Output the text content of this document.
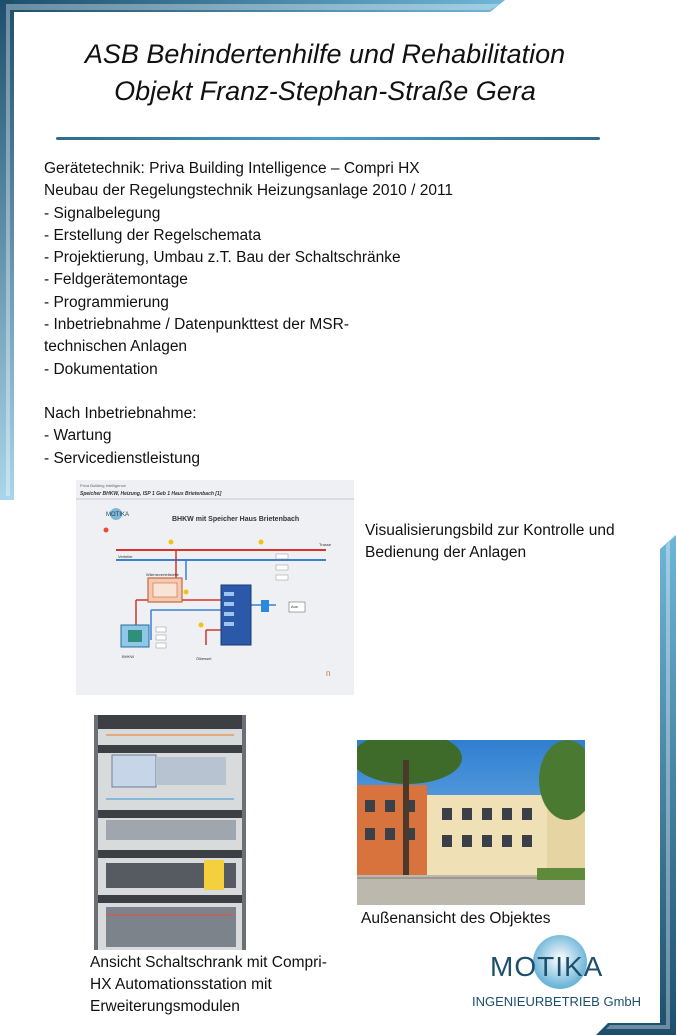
ASB Behindertenhilfe und Rehabilitation
Objekt Franz-Stephan-Straße Gera
Gerätetechnik: Priva Building Intelligence – Compri HX
Neubau der Regelungstechnik Heizungsanlage 2010 / 2011
- Signalbelegung
- Erstellung der Regelschemata
- Projektierung, Umbau z.T. Bau der Schaltschränke
- Feldgerätemontage
- Programmierung
- Inbetriebnahme / Datenpunkttest der MSR-
technischen Anlagen
- Dokumentation
Nach Inbetriebnahme:
- Wartung
- Servicedienstleistung
Priva Building Intelligence
Speicher BHKW, Heizung, ISP 1 Geb 1 Haus Brietenbach [1]
MOTIKA
BHKW mit Speicher Haus Brietenbach
Verteiler
Trasse
Wärmeverteilstelle
Aus
BHKW	Ölkessel
п
Visualisierungsbild zur Kontrolle und
Bedienung der Anlagen
Ansicht Schaltschrank mit Compri-
HX Automationsstation mit
Erweiterungsmodulen
Außenansicht des Objektes
MOTIKA
INGENIEURBETRIEB GmbH
